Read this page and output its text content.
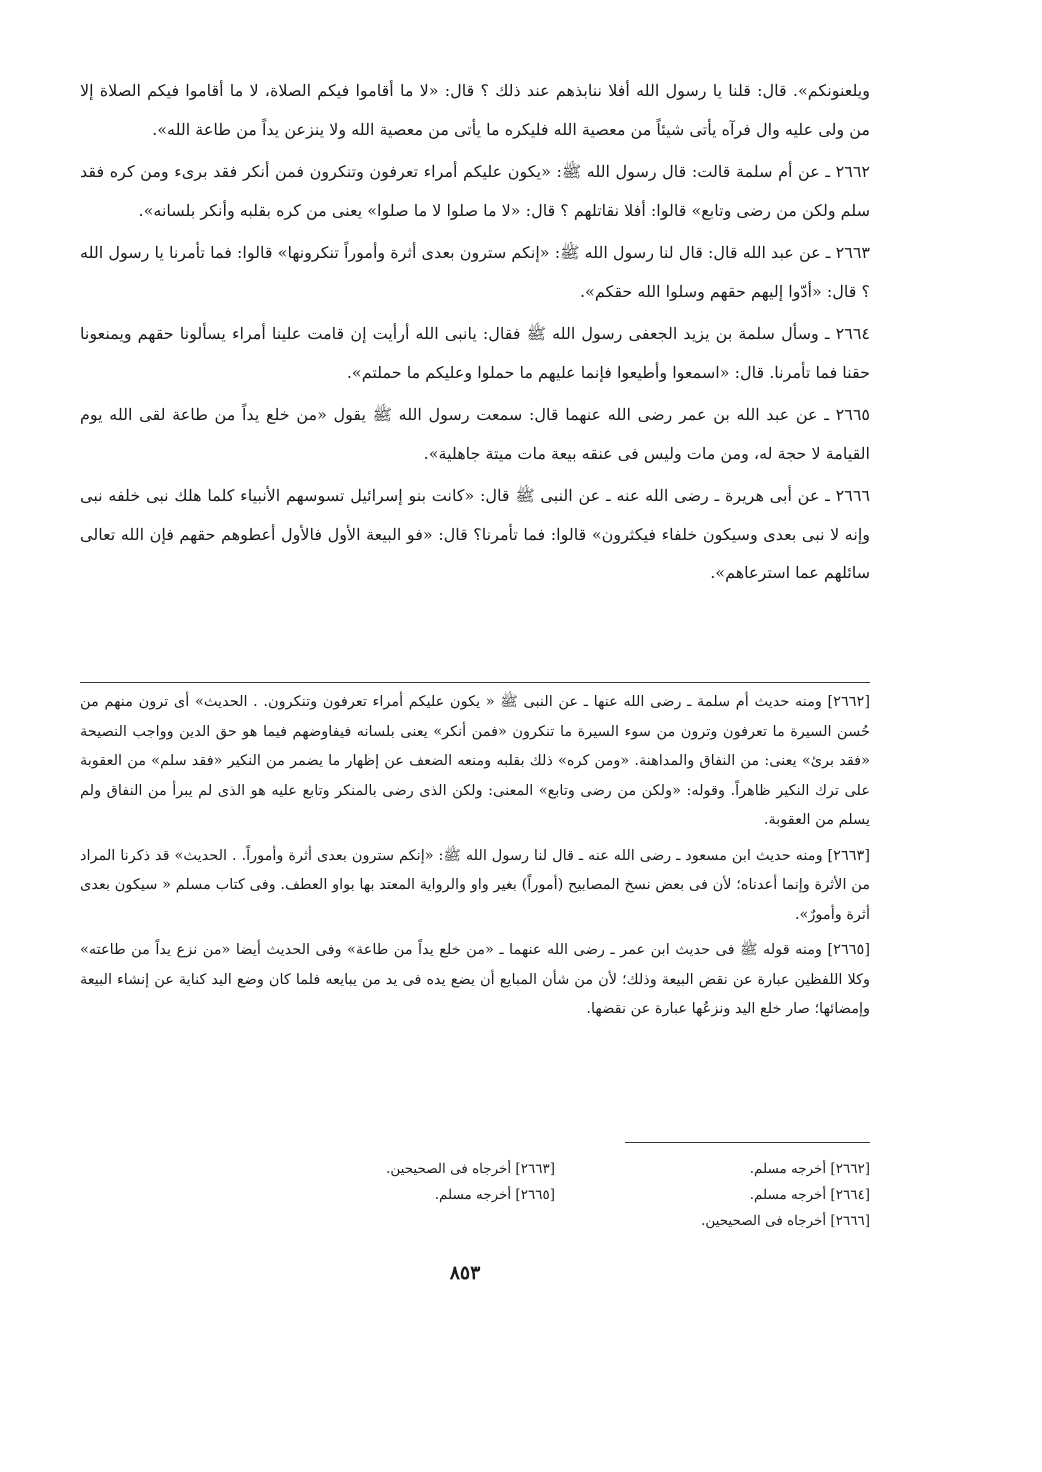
ويلعنونكم». قال: قلنا يا رسول الله أفلا ننابذهم عند ذلك ؟ قال: «لا ما أقاموا فيكم الصلاة، لا ما أقاموا فيكم الصلاة إلا من ولى عليه وال فرآه يأتى شيئاً من معصية الله فليكره ما يأتى من معصية الله ولا ينزعن يداً من طاعة الله».

٢٦٦٢ ـ عن أم سلمة قالت: قال رسول الله ﷺ: «يكون عليكم أمراء تعرفون وتنكرون فمن أنكر فقد برىء ومن كره فقد سلم ولكن من رضى وتابع» قالوا: أفلا نقاتلهم ؟ قال: «لا ما صلوا لا ما صلوا» يعنى من كره بقلبه وأنكر بلسانه».

٢٦٦٣ ـ عن عبد الله قال: قال لنا رسول الله ﷺ: «إنكم سترون بعدى أثرة وأموراً تنكرونها» قالوا: فما تأمرنا يا رسول الله ؟ قال: «أدّوا إليهم حقهم وسلوا الله حقكم».

٢٦٦٤ ـ وسأل سلمة بن يزيد الجعفى رسول الله ﷺ فقال: يانبى الله أرأيت إن قامت علينا أمراء يسألونا حقهم ويمنعونا حقنا فما تأمرنا. قال: «اسمعوا وأطيعوا فإنما عليهم ما حملوا وعليكم ما حملتم».

٢٦٦٥ ـ عن عبد الله بن عمر رضى الله عنهما قال: سمعت رسول الله ﷺ يقول «من خلع يداً من طاعة لقى الله يوم القيامة لا حجة له، ومن مات وليس فى عنقه بيعة مات ميتة جاهلية».

٢٦٦٦ ـ عن أبى هريرة ـ رضى الله عنه ـ عن النبى ﷺ قال: «كانت بنو إسرائيل تسوسهم الأنبياء كلما هلك نبى خلفه نبى وإنه لا نبى بعدى وسيكون خلفاء فيكثرون» قالوا: فما تأمرنا؟ قال: «فو البيعة الأول فالأول أعطوهم حقهم فإن الله تعالى سائلهم عما استرعاهم».

[٢٦٦٢] ومنه حديث أم سلمة ـ رضى الله عنها ـ عن النبى ﷺ « يكون عليكم أمراء تعرفون وتنكرون. . الحديث» أى ترون منهم من حُسن السيرة ما تعرفون وترون من سوء السيرة ما تنكرون «فمن أنكر» يعنى بلسانه فيفاوضهم فيما هو حق الدين وواجب النصيحة «فقد برئ» يعنى: من النفاق والمداهنة. «ومن كره» ذلك بقلبه ومنعه الضعف عن إظهار ما يضمر من النكير «فقد سلم» من العقوبة على ترك النكير ظاهراً. وقوله: «ولكن من رضى وتابع» المعنى: ولكن الذى رضى بالمنكر وتابع عليه هو الذى لم يبرأ من النفاق ولم يسلم من العقوبة.

[٢٦٦٣] ومنه حديث ابن مسعود ـ رضى الله عنه ـ قال لنا رسول الله ﷺ: «إنكم سترون بعدى أثرة وأموراً. . الحديث» قد ذكرنا المراد من الأثرة وإنما أعدناه؛ لأن فى بعض نسخ المصابيح (أموراً) بغير واو والرواية المعتد بها بواو العطف. وفى كتاب مسلم « سيكون بعدى أثرة وأمورٌ».

[٢٦٦٥] ومنه قوله ﷺ فى حديث ابن عمر ـ رضى الله عنهما ـ «من خلع يداً من طاعة» وفى الحديث أيضا «من نزع يداً من طاعته» وكلا اللفظين عبارة عن نقض البيعة وذلك؛ لأن من شأن المبايع أن يضع يده فى يد من يبايعه فلما كان وضع اليد كناية عن إنشاء البيعة وإمضائها؛ صار خلع اليد ونزعُها عبارة عن نقضها.

[٢٦٦٢] أخرجه مسلم.
[٢٦٦٣] أخرجاه فى الصحيحين.
[٢٦٦٤] أخرجه مسلم.
[٢٦٦٥] أخرجه مسلم.
[٢٦٦٦] أخرجاه فى الصحيحين.
٨٥٣
